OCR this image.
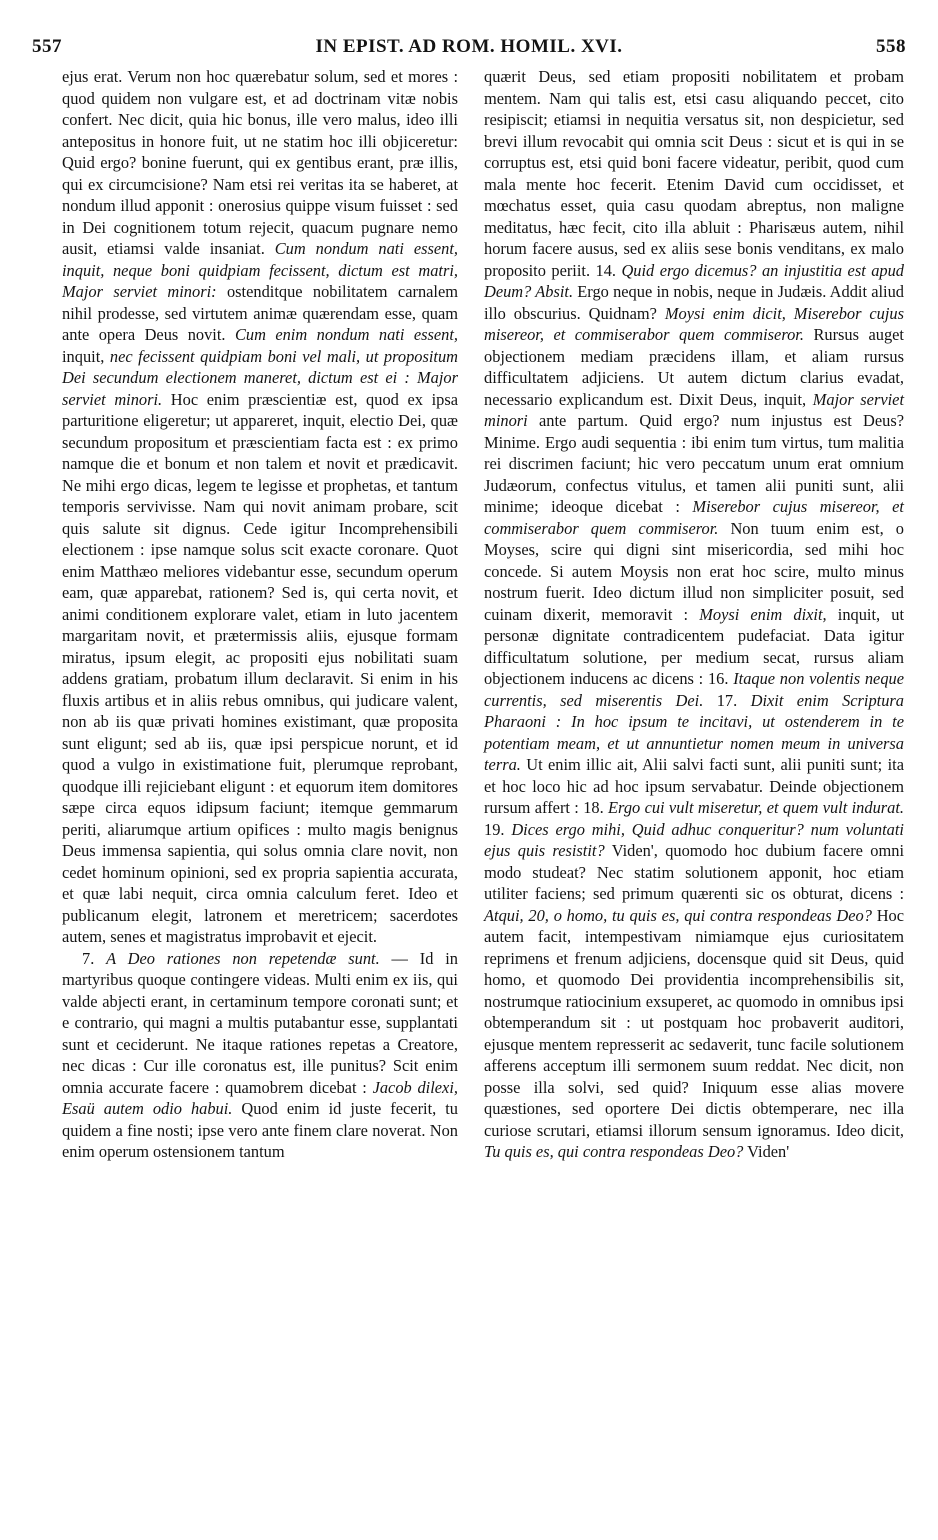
557	IN EPIST. AD ROM. HOMIL. XVI.	558

ejus erat. Verum non hoc quærebatur solum, sed et mores : quod quidem non vulgare est, et ad doctrinam vitæ nobis confert. Nec dicit, quia hic bonus, ille vero malus, ideo illi antepositus in honore fuit, ut ne statim hoc illi objiceretur: Quid ergo? bonine fuerunt, qui ex gentibus erant, præ illis, qui ex circumcisione? Nam etsi rei veritas ita se haberet, at nondum illud apponit : onerosius quippe visum fuisset : sed in Dei cognitionem totum rejecit, quacum pugnare nemo ausit, etiamsi valde insaniat. Cum nondum nati essent, inquit, neque boni quidpiam fecissent, dictum est matri, Major serviet minori: ostenditque nobilitatem carnalem nihil prodesse, sed virtutem animæ quærendam esse, quam ante opera Deus novit. Cum enim nondum nati essent, inquit, nec fecissent quidpiam boni vel mali, ut propositum Dei secundum electionem maneret, dictum est ei : Major serviet minori. Hoc enim præscientiæ est, quod ex ipsa parturitione eligeretur; ut appareret, inquit, electio Dei, quæ secundum propositum et præscientiam facta est : ex primo namque die et bonum et non talem et novit et prædicavit. Ne mihi ergo dicas, legem te legisse et prophetas, et tantum temporis servivisse. Nam qui novit animam probare, scit quis salute sit dignus. Cede igitur Incomprehensibili electionem : ipse namque solus scit exacte coronare. Quot enim Matthæo meliores videbantur esse, secundum operum eam, quæ apparebat, rationem? Sed is, qui certa novit, et animi conditionem explorare valet, etiam in luto jacentem margaritam novit, et prætermissis aliis, ejusque formam miratus, ipsum elegit, ac propositi ejus nobilitati suam addens gratiam, probatum illum declaravit. Si enim in his fluxis artibus et in aliis rebus omnibus, qui judicare valent, non ab iis quæ privati homines existimant, quæ proposita sunt eligunt; sed ab iis, quæ ipsi perspicue norunt, et id quod a vulgo in existimatione fuit, plerumque reprobant, quodque illi rejiciebant eligunt : et equorum item domitores sæpe circa equos idipsum faciunt; itemque gemmarum periti, aliarumque artium opifices : multo magis benignus Deus immensa sapientia, qui solus omnia clare novit, non cedet hominum opinioni, sed ex propria sapientia accurata, et quæ labi nequit, circa omnia calculum feret. Ideo et publicanum elegit, latronem et meretricem; sacerdotes autem, senes et magistratus improbavit et ejecit.

7. A Deo rationes non repetendæ sunt. — Id in martyribus quoque contingere videas. Multi enim ex iis, qui valde abjecti erant, in certaminum tempore coronati sunt; et e contrario, qui magni a multis putabantur esse, supplantati sunt et ceciderunt. Ne itaque rationes repetas a Creatore, nec dicas : Cur ille coronatus est, ille punitus? Scit enim omnia accurate facere : quamobrem dicebat : Jacob dilexi, Esaü autem odio habui. Quod enim id juste fecerit, tu quidem a fine nosti; ipse vero ante finem clare noverat. Non enim operum ostensionem tantum

quærit Deus, sed etiam propositi nobilitatem et probam mentem. Nam qui talis est, etsi casu aliquando peccet, cito resipiscit; etiamsi in nequitia versatus sit, non despicietur, sed brevi illum revocabit qui omnia scit Deus : sicut et is qui in se corruptus est, etsi quid boni facere videatur, peribit, quod cum mala mente hoc fecerit. Etenim David cum occidisset, et mœchatus esset, quia casu quodam abreptus, non maligne meditatus, hæc fecit, cito illa abluit : Pharisæus autem, nihil horum facere ausus, sed ex aliis sese bonis venditans, ex malo proposito periit. 14. Quid ergo dicemus? an injustitia est apud Deum? Absit. Ergo neque in nobis, neque in Judæis. Addit aliud illo obscurius. Quidnam? Moysi enim dicit, Miserebor cujus misereor, et commiserabor quem commiseror. Rursus auget objectionem mediam præcidens illam, et aliam rursus difficultatem adjiciens. Ut autem dictum clarius evadat, necessario explicandum est. Dixit Deus, inquit, Major serviet minori ante partum. Quid ergo? num injustus est Deus? Minime. Ergo audi sequentia : ibi enim tum virtus, tum malitia rei discrimen faciunt; hic vero peccatum unum erat omnium Judæorum, confectus vitulus, et tamen alii puniti sunt, alii minime; ideoque dicebat : Miserebor cujus misereor, et commiserabor quem commiseror. Non tuum enim est, o Moyses, scire qui digni sint misericordia, sed mihi hoc concede. Si autem Moysis non erat hoc scire, multo minus nostrum fuerit. Ideo dictum illud non simpliciter posuit, sed cuinam dixerit, memoravit : Moysi enim dixit, inquit, ut personæ dignitate contradicentem pudefaciat. Data igitur difficultatum solutione, per medium secat, rursus aliam objectionem inducens ac dicens : 16. Itaque non volentis neque currentis, sed miserentis Dei. 17. Dixit enim Scriptura Pharaoni : In hoc ipsum te incitavi, ut ostenderem in te potentiam meam, et ut annuntietur nomen meum in universa terra. Ut enim illic ait, Alii salvi facti sunt, alii puniti sunt; ita et hoc loco hic ad hoc ipsum servabatur. Deinde objectionem rursum affert : 18. Ergo cui vult miseretur, et quem vult indurat. 19. Dices ergo mihi, Quid adhuc conqueritur? num voluntati ejus quis resistit? Viden', quomodo hoc dubium facere omni modo studeat? Nec statim solutionem apponit, hoc etiam utiliter faciens; sed primum quærenti sic os obturat, dicens : Atqui, 20, o homo, tu quis es, qui contra respondeas Deo? Hoc autem facit, intempestivam nimiamque ejus curiositatem reprimens et frenum adjiciens, docensque quid sit Deus, quid homo, et quomodo Dei providentia incomprehensibilis sit, nostrumque ratiocinium exsuperet, ac quomodo in omnibus ipsi obtemperandum sit : ut postquam hoc probaverit auditori, ejusque mentem represserit ac sedaverit, tunc facile solutionem afferens acceptum illi sermonem suum reddat. Nec dicit, non posse illa solvi, sed quid? Iniquum esse alias movere quæstiones, sed oportere Dei dictis obtemperare, nec illa curiose scrutari, etiamsi illorum sensum ignoramus. Ideo dicit, Tu quis es, qui contra respondeas Deo? Viden'
